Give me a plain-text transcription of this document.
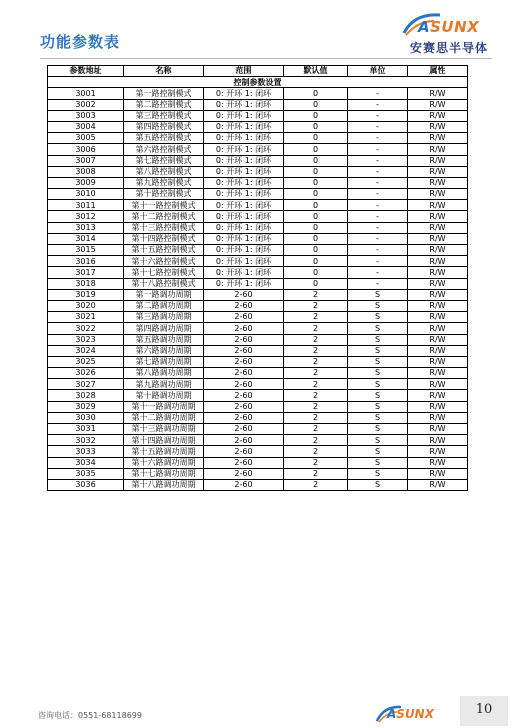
功能参数表
ASUNX
安赛思半导体
参数地址	名称	范围	默认值	单位	属性
控制参数设置					
3001	第一路控制模式	0: 开环 1: 闭环	0	-	R/W
3002	第二路控制模式	0: 开环 1: 闭环	0	-	R/W
3003	第三路控制模式	0: 开环 1: 闭环	0	-	R/W
3004	第四路控制模式	0: 开环 1: 闭环	0	-	R/W
3005	第五路控制模式	0: 开环 1: 闭环	0	-	R/W
3006	第六路控制模式	0: 开环 1: 闭环	0	-	R/W
3007	第七路控制模式	0: 开环 1: 闭环	0	-	R/W
3008	第八路控制模式	0: 开环 1: 闭环	0	-	R/W
3009	第九路控制模式	0: 开环 1: 闭环	0	-	R/W
3010	第十路控制模式	0: 开环 1: 闭环	0	-	R/W
3011	第十一路控制模式	0: 开环 1: 闭环	0	-	R/W
3012	第十二路控制模式	0: 开环 1: 闭环	0	-	R/W
3013	第十三路控制模式	0: 开环 1: 闭环	0	-	R/W
3014	第十四路控制模式	0: 开环 1: 闭环	0	-	R/W
3015	第十五路控制模式	0: 开环 1: 闭环	0	-	R/W
3016	第十六路控制模式	0: 开环 1: 闭环	0	-	R/W
3017	第十七路控制模式	0: 开环 1: 闭环	0	-	R/W
3018	第十八路控制模式	0: 开环 1: 闭环	0	-	R/W
3019	第一路调功周期	2-60	2	S	R/W
3020	第二路调功周期	2-60	2	S	R/W
3021	第三路调功周期	2-60	2	S	R/W
3022	第四路调功周期	2-60	2	S	R/W
3023	第五路调功周期	2-60	2	S	R/W
3024	第六路调功周期	2-60	2	S	R/W
3025	第七路调功周期	2-60	2	S	R/W
3026	第八路调功周期	2-60	2	S	R/W
3027	第九路调功周期	2-60	2	S	R/W
3028	第十路调功周期	2-60	2	S	R/W
3029	第十一路调功周期	2-60	2	S	R/W
3030	第十二路调功周期	2-60	2	S	R/W
3031	第十三路调功周期	2-60	2	S	R/W
3032	第十四路调功周期	2-60	2	S	R/W
3033	第十五路调功周期	2-60	2	S	R/W
3034	第十六路调功周期	2-60	2	S	R/W
3035	第十七路调功周期	2-60	2	S	R/W
3036	第十八路调功周期	2-60	2	S	R/W
咨询电话：0551-68118699	ASUNX	10
